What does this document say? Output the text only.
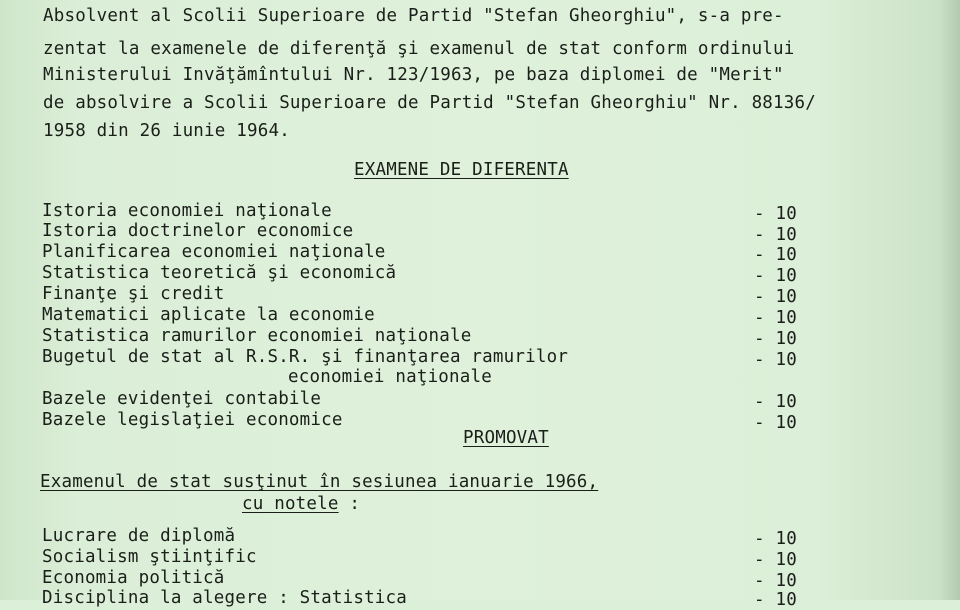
Absolvent al Scolii Superioare de Partid "Stefan Gheorghiu", s-a pre-
zentat la examenele de diferenţă şi examenul de stat conform ordinului
Ministerului Invăţămîntului Nr. 123/1963, pe baza diplomei de "Merit"
de absolvire a Scolii Superioare de Partid "Stefan Gheorghiu" Nr. 88136/
1958 din 26 iunie 1964.
EXAMENE DE DIFERENTA
Istoria economiei naţionale	- 10
Istoria doctrinelor economice	- 10
Planificarea economiei naţionale	- 10
Statistica teoretică şi economică	- 10
Finanţe şi credit	- 10
Matematici aplicate la economie	- 10
Statistica ramurilor economiei naţionale	- 10
Bugetul de stat al R.S.R. şi finanţarea ramurilor	- 10
economiei naţionale
Bazele evidenţei contabile	- 10
Bazele legislaţiei economice	- 10
PROMOVAT
Examenul de stat susţinut în sesiunea ianuarie 1966,
cu notele :
Lucrare de diplomă	- 10
Socialism ştiinţific	- 10
Economia politică	- 10
Disciplina la alegere : Statistica	- 10
